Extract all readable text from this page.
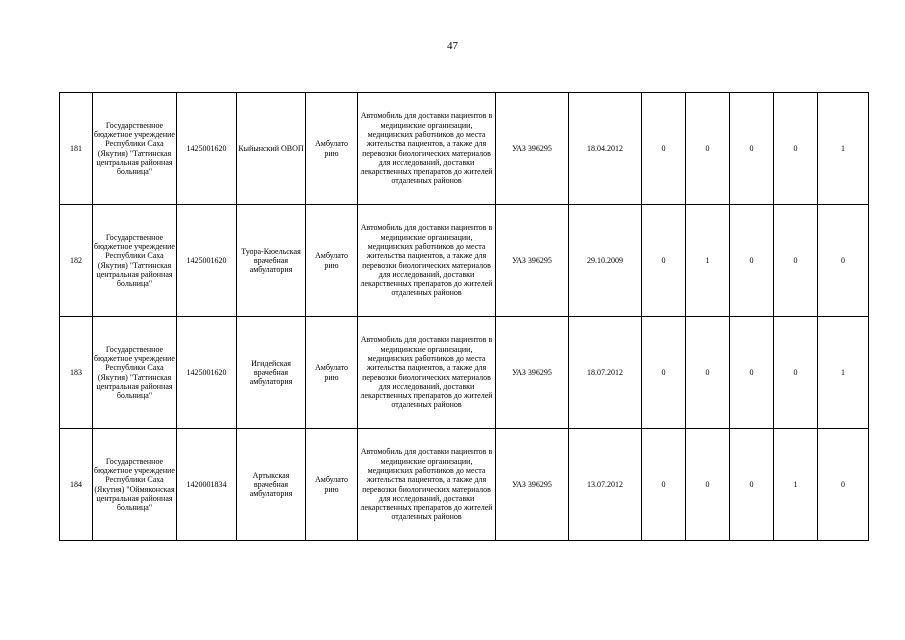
47
181	Государственное бюджетное учреждение Республики Саха (Якутия) "Таттинская центральная районная больница"	1425001620	Кыйынский ОВОП	Амбулато рию	Автомобиль для доставки пациентов в медицинские организации, медицинских работников до места жительства пациентов, а также для перевозки биологических материалов для исследований, доставки лекарственных препаратов до жителей отдаленных районов	УАЗ 396295	18.04.2012	0	0	0	0	1
182	Государственное бюджетное учреждение Республики Саха (Якутия) "Таттинская центральная районная больница"	1425001620	Туора-Кюельская врачебная амбулатория	Амбулато рию	Автомобиль для доставки пациентов в медицинские организации, медицинских работников до места жительства пациентов, а также для перевозки биологических материалов для исследований, доставки лекарственных препаратов до жителей отдаленных районов	УАЗ 396295	29.10.2009	0	1	0	0	0
183	Государственное бюджетное учреждение Республики Саха (Якутия) "Таттинская центральная районная больница"	1425001620	Игидейская врачебная амбулатория	Амбулато рию	Автомобиль для доставки пациентов в медицинские организации, медицинских работников до места жительства пациентов, а также для перевозки биологических материалов для исследований, доставки лекарственных препаратов до жителей отдаленных районов	УАЗ 396295	18.07.2012	0	0	0	0	1
184	Государственное бюджетное учреждение Республики Саха (Якутия) "Оймяконская центральная районная больница"	1420001834	Артыкская врачебная амбулатория	Амбулато рию	Автомобиль для доставки пациентов в медицинские организации, медицинских работников до места жительства пациентов, а также для перевозки биологических материалов для исследований, доставки лекарственных препаратов до жителей отдаленных районов	УАЗ 396295	13.07.2012	0	0	0	1	0
